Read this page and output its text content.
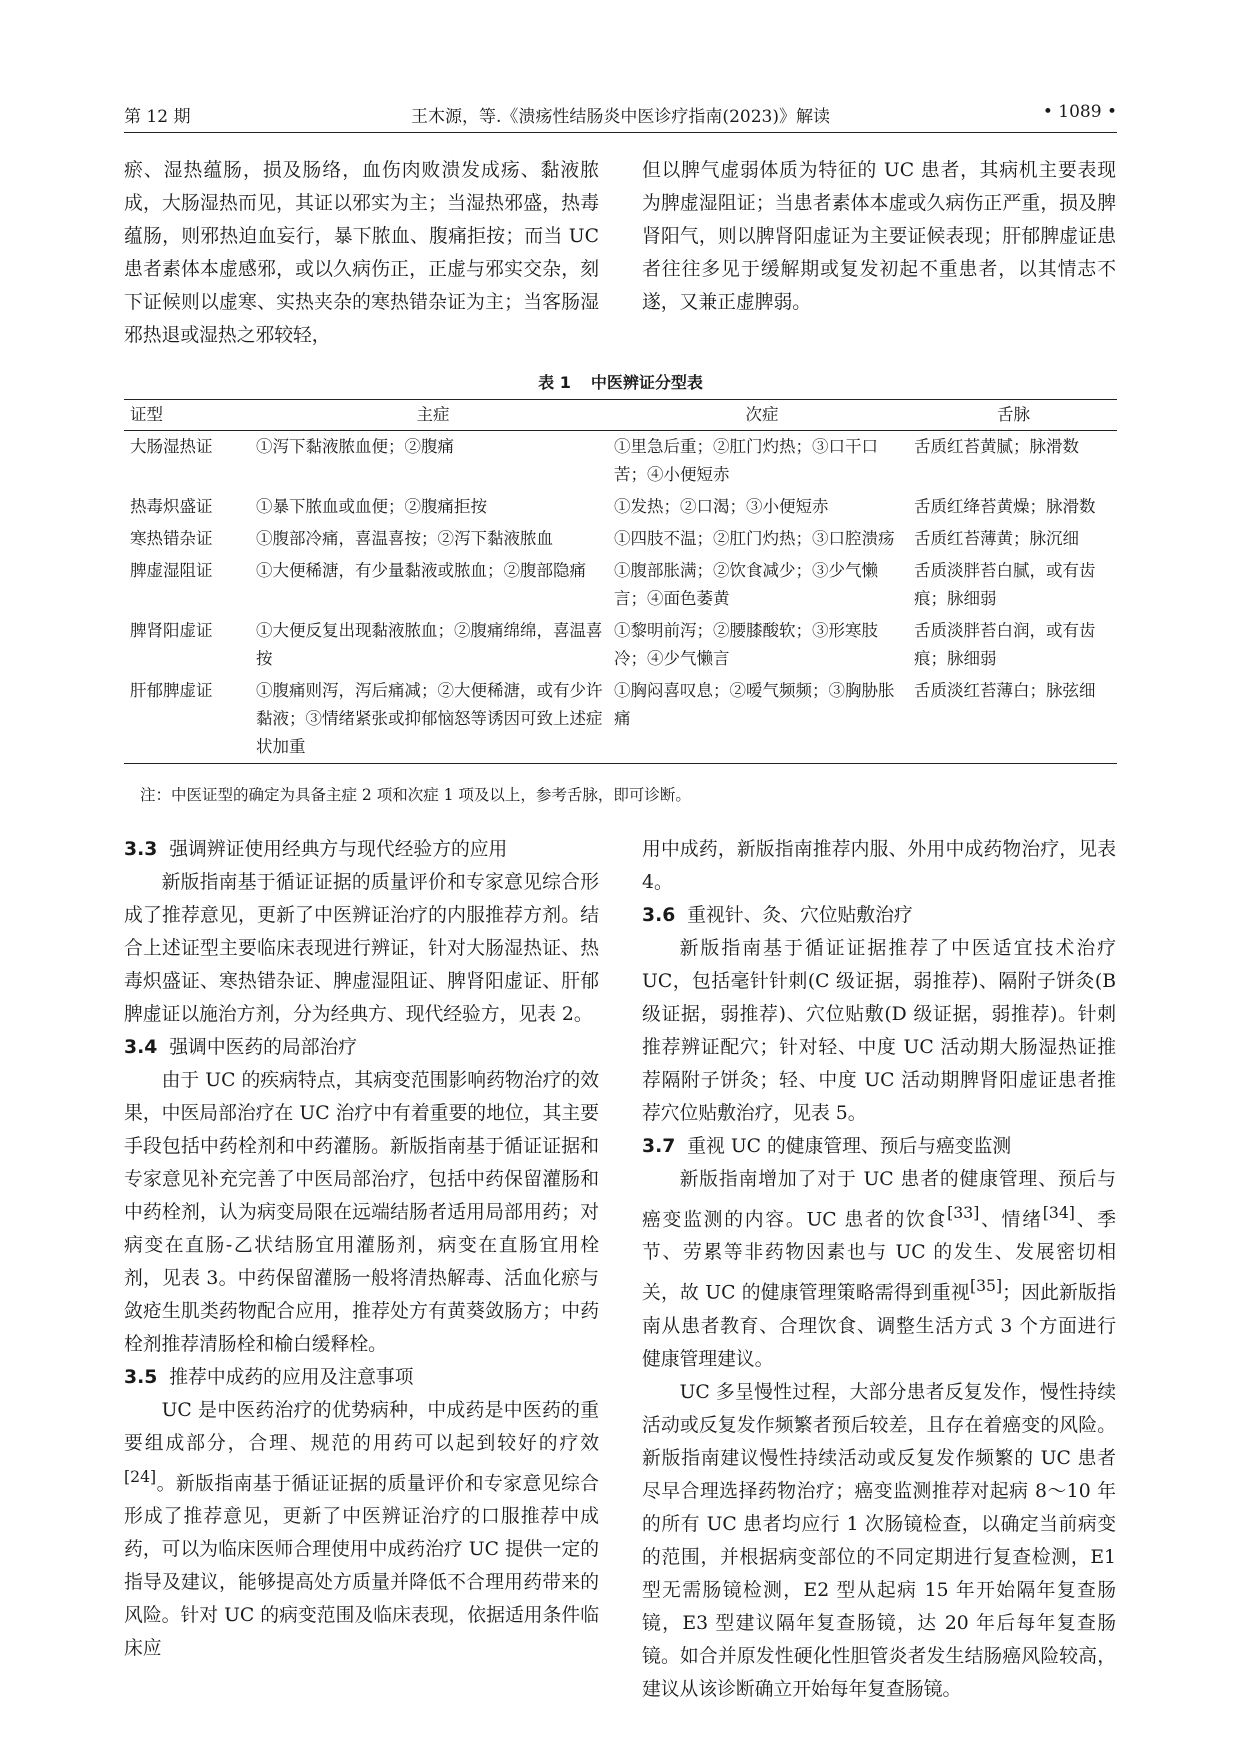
第 12 期	王木源，等.《溃疡性结肠炎中医诊疗指南(2023)》解读	• 1089 •

瘀、湿热蕴肠，损及肠络，血伤肉败溃发成疡、黏液脓成，大肠湿热而见，其证以邪实为主；当湿热邪盛，热毒蕴肠，则邪热迫血妄行，暴下脓血、腹痛拒按；而当 UC 患者素体本虚感邪，或以久病伤正，正虚与邪实交杂，刻下证候则以虚寒、实热夹杂的寒热错杂证为主；当客肠湿邪热退或湿热之邪较轻，

但以脾气虚弱体质为特征的 UC 患者，其病机主要表现为脾虚湿阻证；当患者素体本虚或久病伤正严重，损及脾肾阳气，则以脾肾阳虚证为主要证候表现；肝郁脾虚证患者往往多见于缓解期或复发初起不重患者，以其情志不遂，又兼正虚脾弱。

表 1 中医辨证分型表
证型	主症	次症	舌脉
大肠湿热证	①泻下黏液脓血便；②腹痛	①里急后重；②肛门灼热；③口干口苦；④小便短赤	舌质红苔黄腻；脉滑数
热毒炽盛证	①暴下脓血或血便；②腹痛拒按	①发热；②口渴；③小便短赤	舌质红绛苔黄燥；脉滑数
寒热错杂证	①腹部冷痛，喜温喜按；②泻下黏液脓血	①四肢不温；②肛门灼热；③口腔溃疡	舌质红苔薄黄；脉沉细
脾虚湿阻证	①大便稀溏，有少量黏液或脓血；②腹部隐痛	①腹部胀满；②饮食减少；③少气懒言；④面色萎黄	舌质淡胖苔白腻，或有齿痕；脉细弱
脾肾阳虚证	①大便反复出现黏液脓血；②腹痛绵绵，喜温喜按	①黎明前泻；②腰膝酸软；③形寒肢冷；④少气懒言	舌质淡胖苔白润，或有齿痕；脉细弱
肝郁脾虚证	①腹痛则泻，泻后痛减；②大便稀溏，或有少许黏液；③情绪紧张或抑郁恼怒等诱因可致上述症状加重	①胸闷喜叹息；②嗳气频频；③胸胁胀痛	舌质淡红苔薄白；脉弦细
注：中医证型的确定为具备主症 2 项和次症 1 项及以上，参考舌脉，即可诊断。
3.3 强调辨证使用经典方与现代经验方的应用

新版指南基于循证证据的质量评价和专家意见综合形成了推荐意见，更新了中医辨证治疗的内服推荐方剂。结合上述证型主要临床表现进行辨证，针对大肠湿热证、热毒炽盛证、寒热错杂证、脾虚湿阻证、脾肾阳虚证、肝郁脾虚证以施治方剂，分为经典方、现代经验方，见表 2。

3.4 强调中医药的局部治疗

由于 UC 的疾病特点，其病变范围影响药物治疗的效果，中医局部治疗在 UC 治疗中有着重要的地位，其主要手段包括中药栓剂和中药灌肠。新版指南基于循证证据和专家意见补充完善了中医局部治疗，包括中药保留灌肠和中药栓剂，认为病变局限在远端结肠者适用局部用药；对病变在直肠-乙状结肠宜用灌肠剂，病变在直肠宜用栓剂，见表 3。中药保留灌肠一般将清热解毒、活血化瘀与敛疮生肌类药物配合应用，推荐处方有黄葵敛肠方；中药栓剂推荐清肠栓和榆白缓释栓。

3.5 推荐中成药的应用及注意事项

UC 是中医药治疗的优势病种，中成药是中医药的重要组成部分，合理、规范的用药可以起到较好的疗效[24]。新版指南基于循证证据的质量评价和专家意见综合形成了推荐意见，更新了中医辨证治疗的口服推荐中成药，可以为临床医师合理使用中成药治疗 UC 提供一定的指导及建议，能够提高处方质量并降低不合理用药带来的风险。针对 UC 的病变范围及临床表现，依据适用条件临床应

用中成药，新版指南推荐内服、外用中成药物治疗，见表 4。

3.6 重视针、灸、穴位贴敷治疗

新版指南基于循证证据推荐了中医适宜技术治疗 UC，包括毫针针刺(C 级证据，弱推荐)、隔附子饼灸(B 级证据，弱推荐)、穴位贴敷(D 级证据，弱推荐)。针刺推荐辨证配穴；针对轻、中度 UC 活动期大肠湿热证推荐隔附子饼灸；轻、中度 UC 活动期脾肾阳虚证患者推荐穴位贴敷治疗，见表 5。

3.7 重视 UC 的健康管理、预后与癌变监测

新版指南增加了对于 UC 患者的健康管理、预后与癌变监测的内容。UC 患者的饮食[33]、情绪[34]、季节、劳累等非药物因素也与 UC 的发生、发展密切相关，故 UC 的健康管理策略需得到重视[35]；因此新版指南从患者教育、合理饮食、调整生活方式 3 个方面进行健康管理建议。

UC 多呈慢性过程，大部分患者反复发作，慢性持续活动或反复发作频繁者预后较差，且存在着癌变的风险。新版指南建议慢性持续活动或反复发作频繁的 UC 患者尽早合理选择药物治疗；癌变监测推荐对起病 8～10 年的所有 UC 患者均应行 1 次肠镜检查，以确定当前病变的范围，并根据病变部位的不同定期进行复查检测，E1 型无需肠镜检测，E2 型从起病 15 年开始隔年复查肠镜，E3 型建议隔年复查肠镜，达 20 年后每年复查肠镜。如合并原发性硬化性胆管炎者发生结肠癌风险较高，建议从该诊断确立开始每年复查肠镜。
